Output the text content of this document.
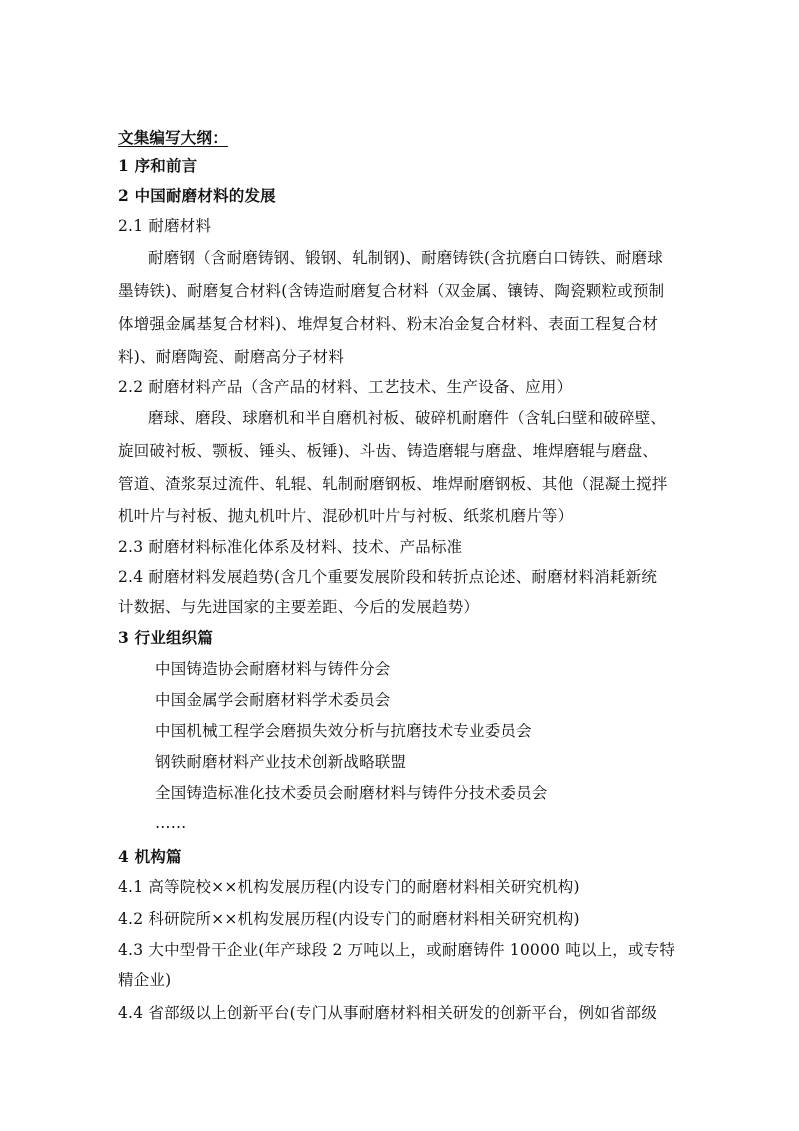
文集编写大纲：
1 序和前言
2 中国耐磨材料的发展
2.1 耐磨材料
耐磨钢（含耐磨铸钢、锻钢、轧制钢)、耐磨铸铁(含抗磨白口铸铁、耐磨球
墨铸铁)、耐磨复合材料(含铸造耐磨复合材料（双金属、镶铸、陶瓷颗粒或预制
体增强金属基复合材料)、堆焊复合材料、粉末冶金复合材料、表面工程复合材
料)、耐磨陶瓷、耐磨高分子材料
2.2 耐磨材料产品（含产品的材料、工艺技术、生产设备、应用）
磨球、磨段、球磨机和半自磨机衬板、破碎机耐磨件（含轧臼壁和破碎壁、
旋回破衬板、颚板、锤头、板锤)、斗齿、铸造磨辊与磨盘、堆焊磨辊与磨盘、
管道、渣浆泵过流件、轧辊、轧制耐磨钢板、堆焊耐磨钢板、其他（混凝土搅拌
机叶片与衬板、抛丸机叶片、混砂机叶片与衬板、纸浆机磨片等）
2.3 耐磨材料标准化体系及材料、技术、产品标准
2.4 耐磨材料发展趋势(含几个重要发展阶段和转折点论述、耐磨材料消耗新统
计数据、与先进国家的主要差距、今后的发展趋势）
3 行业组织篇
中国铸造协会耐磨材料与铸件分会
中国金属学会耐磨材料学术委员会
中国机械工程学会磨损失效分析与抗磨技术专业委员会
钢铁耐磨材料产业技术创新战略联盟
全国铸造标准化技术委员会耐磨材料与铸件分技术委员会
……
4 机构篇
4.1 高等院校××机构发展历程(内设专门的耐磨材料相关研究机构)
4.2 科研院所××机构发展历程(内设专门的耐磨材料相关研究机构)
4.3 大中型骨干企业(年产球段 2 万吨以上，或耐磨铸件 10000 吨以上，或专特
精企业)
4.4 省部级以上创新平台(专门从事耐磨材料相关研发的创新平台，例如省部级
